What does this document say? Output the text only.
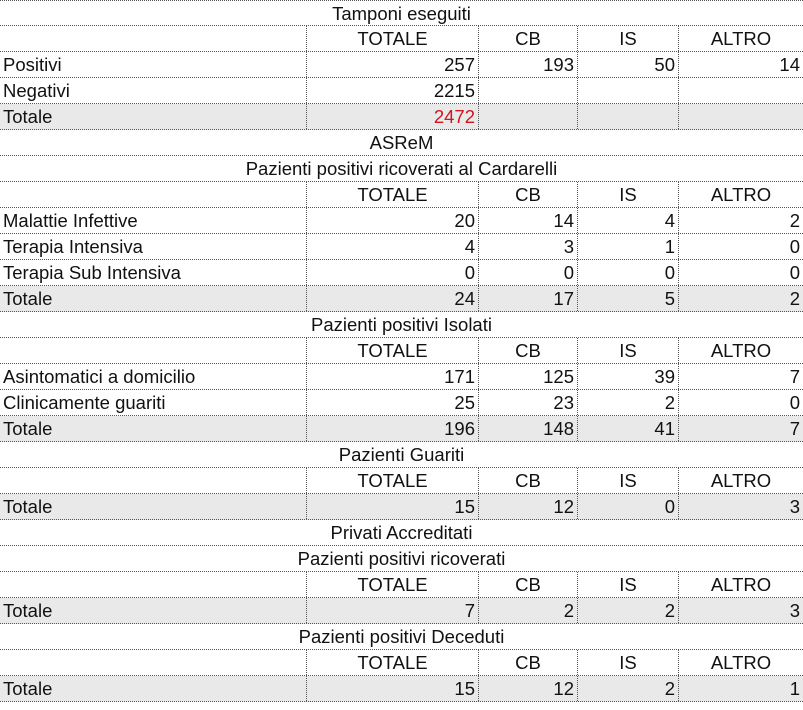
Tamponi eseguiti
TOTALE	CB	IS	ALTRO
Positivi	257	193	50	14
Negativi	2215
Totale	2472
ASReM
Pazienti positivi ricoverati al Cardarelli
TOTALE	CB	IS	ALTRO
Malattie Infettive	20	14	4	2
Terapia Intensiva	4	3	1	0
Terapia Sub Intensiva	0	0	0	0
Totale	24	17	5	2
Pazienti positivi Isolati
TOTALE	CB	IS	ALTRO
Asintomatici a domicilio	171	125	39	7
Clinicamente guariti	25	23	2	0
Totale	196	148	41	7
Pazienti Guariti
TOTALE	CB	IS	ALTRO
Totale	15	12	0	3
Privati Accreditati
Pazienti positivi ricoverati
TOTALE	CB	IS	ALTRO
Totale	7	2	2	3
Pazienti positivi Deceduti
TOTALE	CB	IS	ALTRO
Totale	15	12	2	1
